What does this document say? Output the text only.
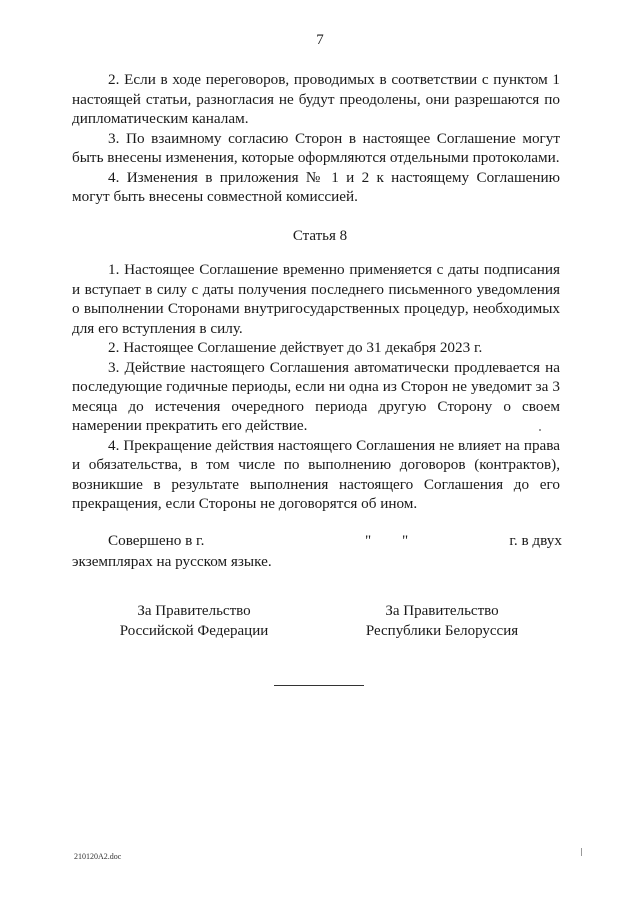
7

2. Если в ходе переговоров, проводимых в соответствии с пунктом 1 настоящей статьи, разногласия не будут преодолены, они разрешаются по дипломатическим каналам.

3. По взаимному согласию Сторон в настоящее Соглашение могут быть внесены изменения, которые оформляются отдельными протоколами.

4. Изменения в приложения № 1 и 2 к настоящему Соглашению могут быть внесены совместной комиссией.

Статья 8

1. Настоящее Соглашение временно применяется с даты подписания и вступает в силу с даты получения последнего письменного уведомления о выполнении Сторонами внутригосударственных процедур, необходимых для его вступления в силу.

2. Настоящее Соглашение действует до 31 декабря 2023 г.

3. Действие настоящего Соглашения автоматически продлевается на последующие годичные периоды, если ни одна из Сторон не уведомит за 3 месяца до истечения очередного периода другую Сторону о своем намерении прекратить его действие.

4. Прекращение действия настоящего Соглашения не влияет на права и обязательства, в том числе по выполнению договоров (контрактов), возникшие в результате выполнения настоящего Соглашения до его прекращения, если Стороны не договорятся об ином.

Совершено в г.	" "	г. в двух
экземплярах на русском языке.
За Правительство
Российской Федерации
За Правительство
Республики Белоруссия
210120A2.doc
